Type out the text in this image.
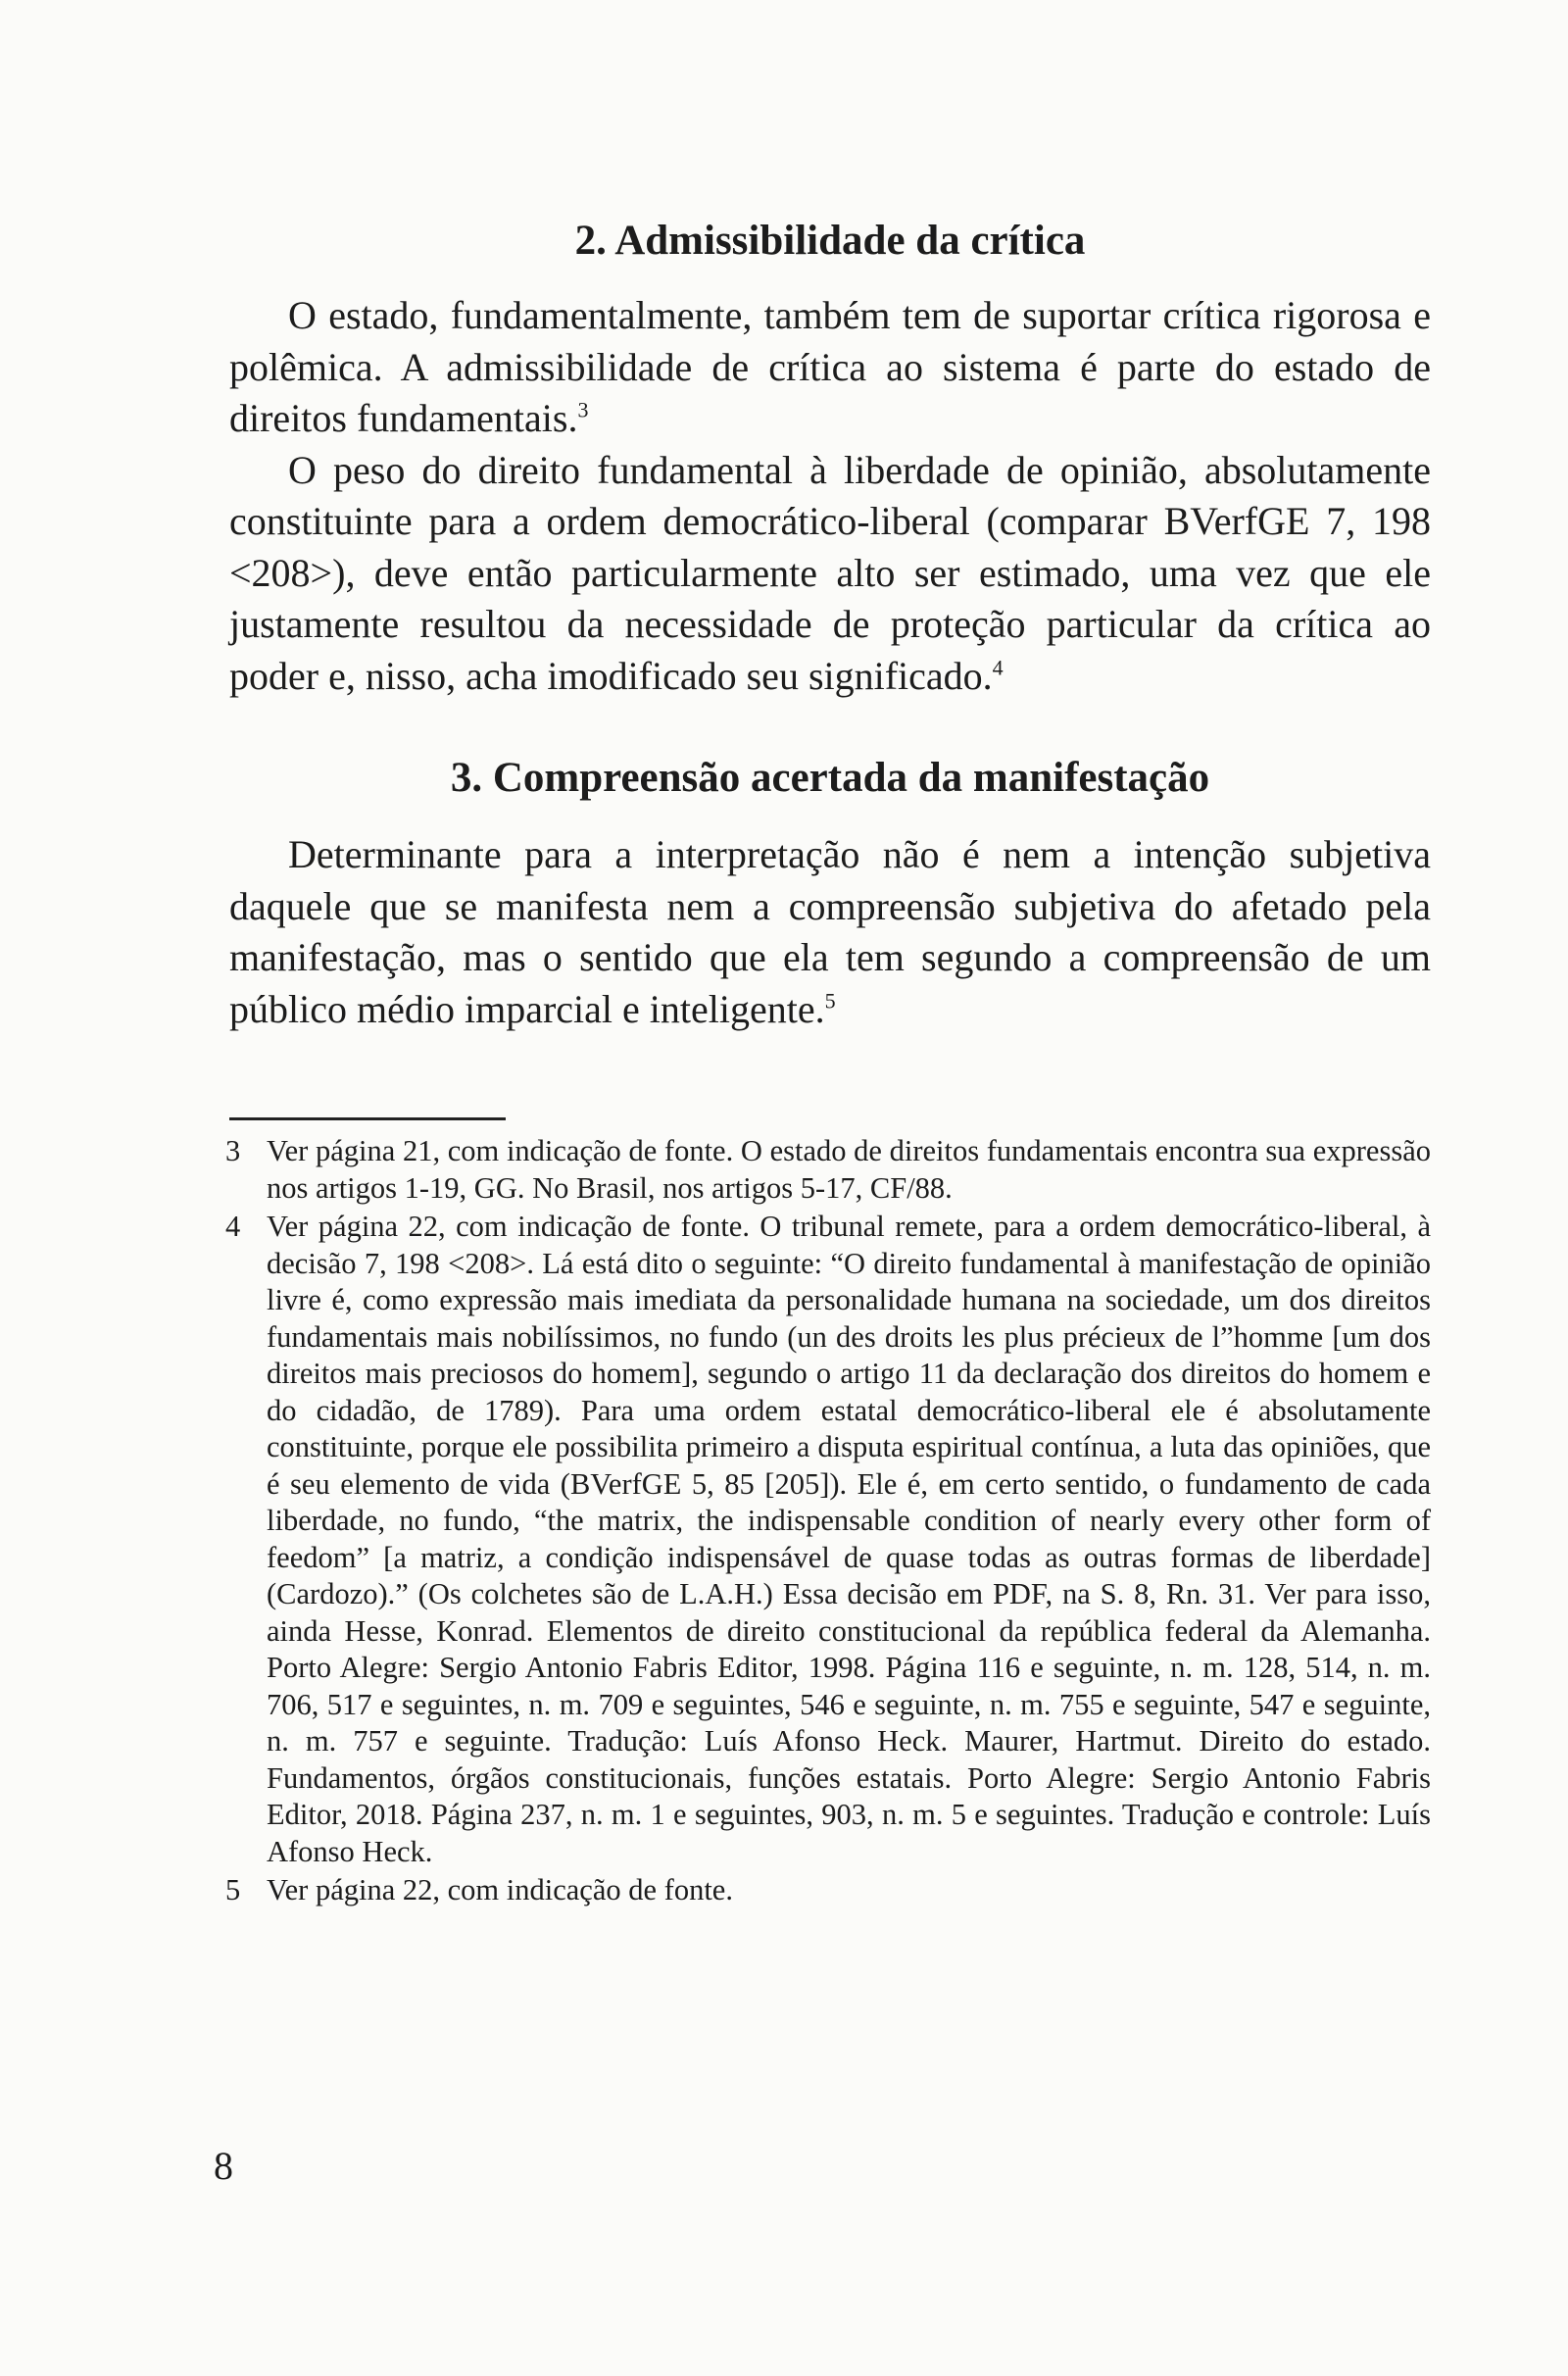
2. Admissibilidade da crítica

O estado, fundamentalmente, também tem de suportar crítica rigorosa e polêmica. A admissibilidade de crítica ao sistema é parte do estado de direitos fundamentais.$^3$

O peso do direito fundamental à liberdade de opinião, absolutamente constituinte para a ordem democrático-liberal (comparar BVerfGE 7, 198 <208>), deve então particularmente alto ser estimado, uma vez que ele justamente resultou da necessidade de proteção particular da crítica ao poder e, nisso, acha imodificado seu significado.$^4$

3. Compreensão acertada da manifestação

Determinante para a interpretação não é nem a intenção subjetiva daquele que se manifesta nem a compreensão subjetiva do afetado pela manifestação, mas o sentido que ela tem segundo a compreensão de um público médio imparcial e inteligente.$^5$

3 Ver página 21, com indicação de fonte. O estado de direitos fundamentais encontra sua expressão nos artigos 1-19, GG. No Brasil, nos artigos 5-17, CF/88.
4 Ver página 22, com indicação de fonte. O tribunal remete, para a ordem democrático-liberal, à decisão 7, 198 <208>. Lá está dito o seguinte: “O direito fundamental à manifestação de opinião livre é, como expressão mais imediata da personalidade humana na sociedade, um dos direitos fundamentais mais nobilíssimos, no fundo (un des droits les plus précieux de l”homme [um dos direitos mais preciosos do homem], segundo o artigo 11 da declaração dos direitos do homem e do cidadão, de 1789). Para uma ordem estatal democrático-liberal ele é absolutamente constituinte, porque ele possibilita primeiro a disputa espiritual contínua, a luta das opiniões, que é seu elemento de vida (BVerfGE 5, 85 [205]). Ele é, em certo sentido, o fundamento de cada liberdade, no fundo, “the matrix, the indispensable condition of nearly every other form of feedom” [a matriz, a condição indispensável de quase todas as outras formas de liberdade] (Cardozo).” (Os colchetes são de L.A.H.) Essa decisão em PDF, na S. 8, Rn. 31. Ver para isso, ainda Hesse, Konrad. Elementos de direito constitucional da república federal da Alemanha. Porto Alegre: Sergio Antonio Fabris Editor, 1998. Página 116 e seguinte, n. m. 128, 514, n. m. 706, 517 e seguintes, n. m. 709 e seguintes, 546 e seguinte, n. m. 755 e seguinte, 547 e seguinte, n. m. 757 e seguinte. Tradução: Luís Afonso Heck. Maurer, Hartmut. Direito do estado. Fundamentos, órgãos constitucionais, funções estatais. Porto Alegre: Sergio Antonio Fabris Editor, 2018. Página 237, n. m. 1 e seguintes, 903, n. m. 5 e seguintes. Tradução e controle: Luís Afonso Heck.
5 Ver página 22, com indicação de fonte.
8
